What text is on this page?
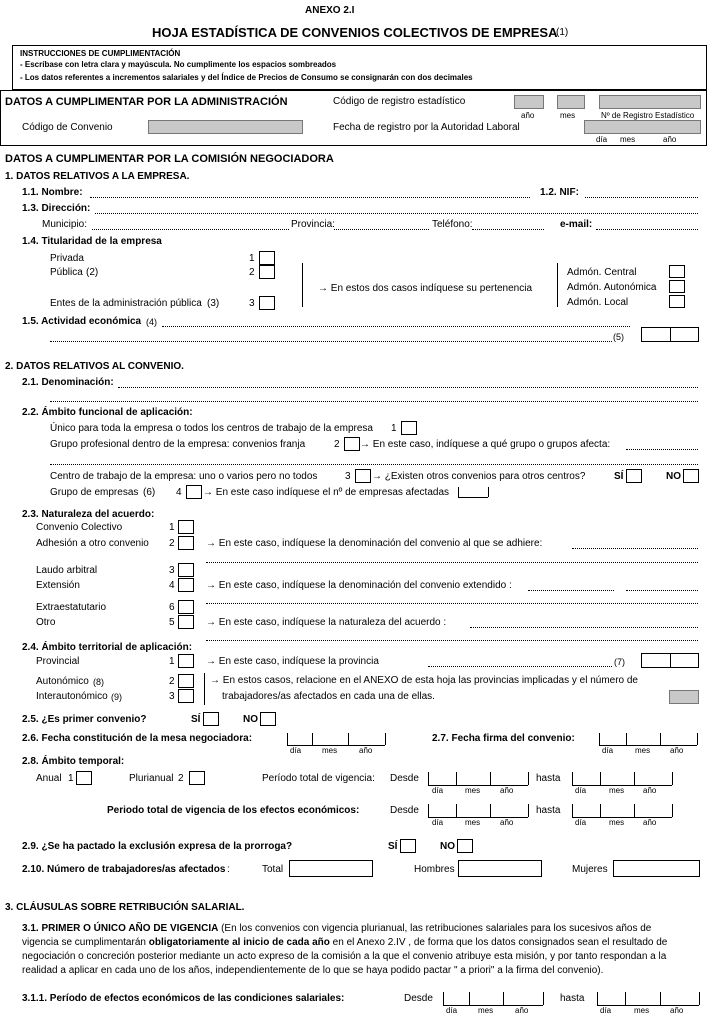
ANEXO 2.I
HOJA ESTADÍSTICA DE CONVENIOS COLECTIVOS DE EMPRESA
(1)
INSTRUCCIONES DE CUMPLIMENTACIÓN
- Escríbase con letra clara y mayúscula. No cumplimente los espacios sombreados
- Los datos referentes a incrementos salariales y del Índice de Precios de Consumo se consignarán con dos decimales
DATOS A CUMPLIMENTAR POR LA ADMINISTRACIÓN	Código de registro estadístico
año	mes	Nº de Registro Estadístico
Código de Convenio	Fecha de registro por la Autoridad Laboral
día mes	año
DATOS A CUMPLIMENTAR POR LA COMISIÓN NEGOCIADORA
1. DATOS RELATIVOS A LA EMPRESA.
1.1. Nombre:	1.2. NIF:
1.3. Dirección:
Municipio:	Provincia:	Teléfono:	e-mail:
1.4. Titularidad de la empresa
Privada	1
Pública (2)	2
Entes de la administración pública (3)	3
→ En estos dos casos indíquese su pertenencia
Admón. Central
Admón. Autonómica
Admón. Local
1.5. Actividad económica (4)
(5)
2. DATOS RELATIVOS AL CONVENIO.
2.1. Denominación:
2.2. Ámbito funcional de aplicación:
Único para toda la empresa o todos los centros de trabajo de la empresa 1
Grupo profesional dentro de la empresa: convenios franja	2 → En este caso, indíquese a qué grupo o grupos afecta:
Centro de trabajo de la empresa: uno o varios pero no todos	3 → ¿Existen otros convenios para otros centros?	SÍ	NO
Grupo de empresas (6) 4 → En este caso indíquese el nº de empresas afectadas
2.3. Naturaleza del acuerdo:
Convenio Colectivo	1
Adhesión a otro convenio 2	→ En este caso, indíquese la denominación del convenio al que se adhiere:
Laudo arbitral	3
Extensión	4	→ En este caso, indíquese la denominación del convenio extendido :
Extraestatutario	6
Otro	5	→ En este caso, indíquese la naturaleza del acuerdo :
2.4. Ámbito territorial de aplicación:
Provincial	1	→ En este caso, indíquese la provincia	(7)
Autonómico (8)	2
Interautonómico (9)	3
→ En estos casos, relacione en el ANEXO de esta hoja las provincias implicadas y el número de
trabajadores/as afectados en cada una de ellas.
2.5. ¿Es primer convenio?	SÍ	NO
2.6. Fecha constitución de la mesa negociadora:
día	mes	año
2.7. Fecha firma del convenio:
día	mes año
2.8. Ámbito temporal:
Anual 1	Plurianual 2	Período total de vigencia: Desde
día	mes año
hasta
día	mes año
Periodo total de vigencia de los efectos económicos:	Desde
día	mes año
hasta
día	mes año
2.9. ¿Se ha pactado la exclusión expresa de la prorroga?	SÍ	NO
2.10. Número de trabajadores/as afectados :	Total	Hombres	Mujeres
3. CLÁUSULAS SOBRE RETRIBUCIÓN SALARIAL.
3.1. PRIMER O ÚNICO AÑO DE VIGENCIA (En los convenios con vigencia plurianual, las retribuciones salariales para los sucesivos años de
vigencia se cumplimentarán obligatoriamente al inicio de cada año en el Anexo 2.IV , de forma que los datos consignados sean el resultado de
negociación o concreción posterior mediante un acto expreso de la comisión a la que el convenio atribuye esta misión, y por tanto respondan a la
realidad a aplicar en cada uno de los años, independientemente de lo que se haya podido pactar " a priori" a la firma del convenio).
3.1.1. Período de efectos económicos de las condiciones salariales:	Desde
día	mes	año
hasta
día	mes	año
